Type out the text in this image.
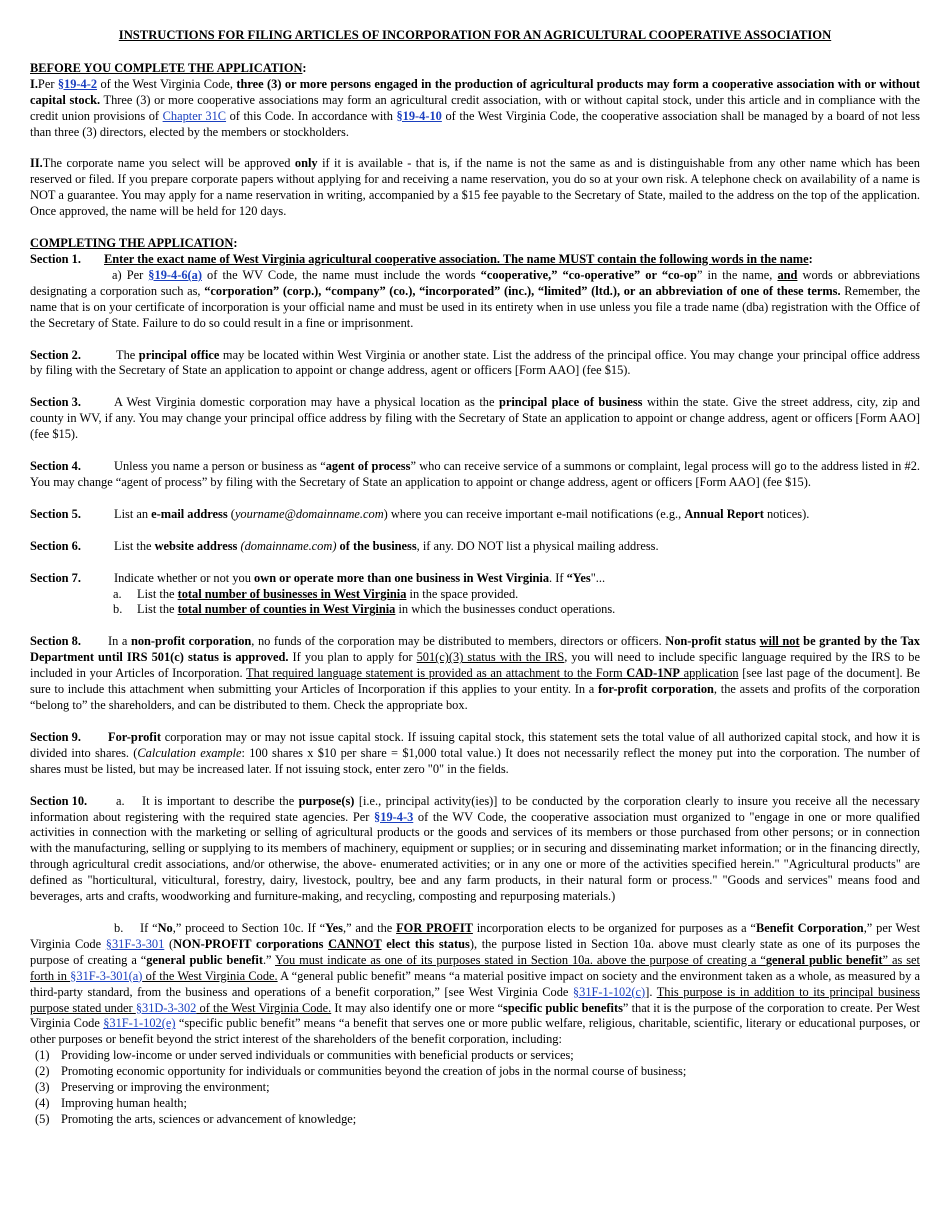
INSTRUCTIONS FOR FILING ARTICLES OF INCORPORATION FOR AN AGRICULTURAL COOPERATIVE ASSOCIATION

BEFORE YOU COMPLETE THE APPLICATION:

I.Per §19-4-2 of the West Virginia Code, three (3) or more persons engaged in the production of agricultural products may form a cooperative association with or without capital stock. Three (3) or more cooperative associations may form an agricultural credit association, with or without capital stock, under this article and in compliance with the credit union provisions of Chapter 31C of this Code. In accordance with §19-4-10 of the West Virginia Code, the cooperative association shall be managed by a board of not less than three (3) directors, elected by the members or stockholders.

II.The corporate name you select will be approved only if it is available - that is, if the name is not the same as and is distinguishable from any other name which has been reserved or filed. If you prepare corporate papers without applying for and receiving a name reservation, you do so at your own risk. A telephone check on availability of a name is NOT a guarantee. You may apply for a name reservation in writing, accompanied by a $15 fee payable to the Secretary of State, mailed to the address on the top of the application. Once approved, the name will be held for 120 days.

COMPLETING THE APPLICATION:

Section 1. Enter the exact name of West Virginia agricultural cooperative association. The name MUST contain the following words in the name:

a) Per §19-4-6(a) of the WV Code, the name must include the words “cooperative,” “co-operative” or “co-op” in the name, and words or abbreviations designating a corporation such as, “corporation” (corp.), “company” (co.), “incorporated” (inc.), “limited” (ltd.), or an abbreviation of one of these terms. Remember, the name that is on your certificate of incorporation is your official name and must be used in its entirety when in use unless you file a trade name (dba) registration with the Office of the Secretary of State. Failure to do so could result in a fine or imprisonment.

Section 2.	The principal office may be located within West Virginia or another state. List the address of the principal office. You may change your principal office address by filing with the Secretary of State an application to appoint or change address, agent or officers [Form AAO] (fee $15).

Section 3.	A West Virginia domestic corporation may have a physical location as the principal place of business within the state. Give the street address, city, zip and county in WV, if any. You may change your principal office address by filing with the Secretary of State an application to appoint or change address, agent or officers [Form AAO] (fee $15).

Section 4.	Unless you name a person or business as “agent of process” who can receive service of a summons or complaint, legal process will go to the address listed in #2. You may change “agent of process” by filing with the Secretary of State an application to appoint or change address, agent or officers [Form AAO] (fee $15).

Section 5.	List an e-mail address (yourname@domainname.com) where you can receive important e-mail notifications (e.g., Annual Report notices).

Section 6.	List the website address (domainname.com) of the business, if any. DO NOT list a physical mailing address.

Section 7.	Indicate whether or not you own or operate more than one business in West Virginia. If “Yes"...

a. List the total number of businesses in West Virginia in the space provided.

b. List the total number of counties in West Virginia in which the businesses conduct operations.

Section 8. In a non-profit corporation, no funds of the corporation may be distributed to members, directors or officers. Non-profit status will not be granted by the Tax Department until IRS 501(c) status is approved. If you plan to apply for 501(c)(3) status with the IRS, you will need to include specific language required by the IRS to be included in your Articles of Incorporation. That required language statement is provided as an attachment to the Form CAD-1NP application [see last page of the document]. Be sure to include this attachment when submitting your Articles of Incorporation if this applies to your entity. In a for-profit corporation, the assets and profits of the corporation “belong to” the shareholders, and can be distributed to them. Check the appropriate box.

Section 9. For-profit corporation may or may not issue capital stock. If issuing capital stock, this statement sets the total value of all authorized capital stock, and how it is divided into shares. (Calculation example: 100 shares x $10 per share = $1,000 total value.) It does not necessarily reflect the money put into the corporation. The number of shares must be listed, but may be increased later. If not issuing stock, enter zero "0" in the fields.

Section 10. a. It is important to describe the purpose(s) [i.e., principal activity(ies)] to be conducted by the corporation clearly to insure you receive all the necessary information about registering with the required state agencies. Per §19-4-3 of the WV Code, the cooperative association must organized to "engage in one or more qualified activities in connection with the marketing or selling of agricultural products or the goods and services of its members or those purchased from other persons; or in connection with the manufacturing, selling or supplying to its members of machinery, equipment or supplies; or in securing and disseminating market information; or in the financing directly, through agricultural credit associations, and/or otherwise, the above- enumerated activities; or in any one or more of the activities specified herein." "Agricultural products" are defined as "horticultural, viticultural, forestry, dairy, livestock, poultry, bee and any farm products, in their natural form or process." "Goods and services" means food and beverages, arts and crafts, woodworking and furniture-making, and recycling, composting and repurposing materials.)

b. If “No,” proceed to Section 10c. If “Yes,” and the FOR PROFIT incorporation elects to be organized for purposes as a “Benefit Corporation,” per West Virginia Code §31F-3-301 (NON-PROFIT corporations CANNOT elect this status), the purpose listed in Section 10a. above must clearly state as one of its purposes the purpose of creating a “general public benefit.” You must indicate as one of its purposes stated in Section 10a. above the purpose of creating a “general public benefit” as set forth in §31F-3-301(a) of the West Virginia Code. A “general public benefit” means “a material positive impact on society and the environment taken as a whole, as measured by a third-party standard, from the business and operations of a benefit corporation,” [see West Virginia Code §31F-1-102(c)]. This purpose is in addition to its principal business purpose stated under §31D-3-302 of the West Virginia Code. It may also identify one or more “specific public benefits” that it is the purpose of the corporation to create. Per West Virginia Code §31F-1-102(e) “specific public benefit” means “a benefit that serves one or more public welfare, religious, charitable, scientific, literary or educational purposes, or other purposes or benefit beyond the strict interest of the shareholders of the benefit corporation, including:

(1) Providing low-income or under served individuals or communities with beneficial products or services;

(2) Promoting economic opportunity for individuals or communities beyond the creation of jobs in the normal course of business;

(3) Preserving or improving the environment;

(4) Improving human health;

(5) Promoting the arts, sciences or advancement of knowledge;
